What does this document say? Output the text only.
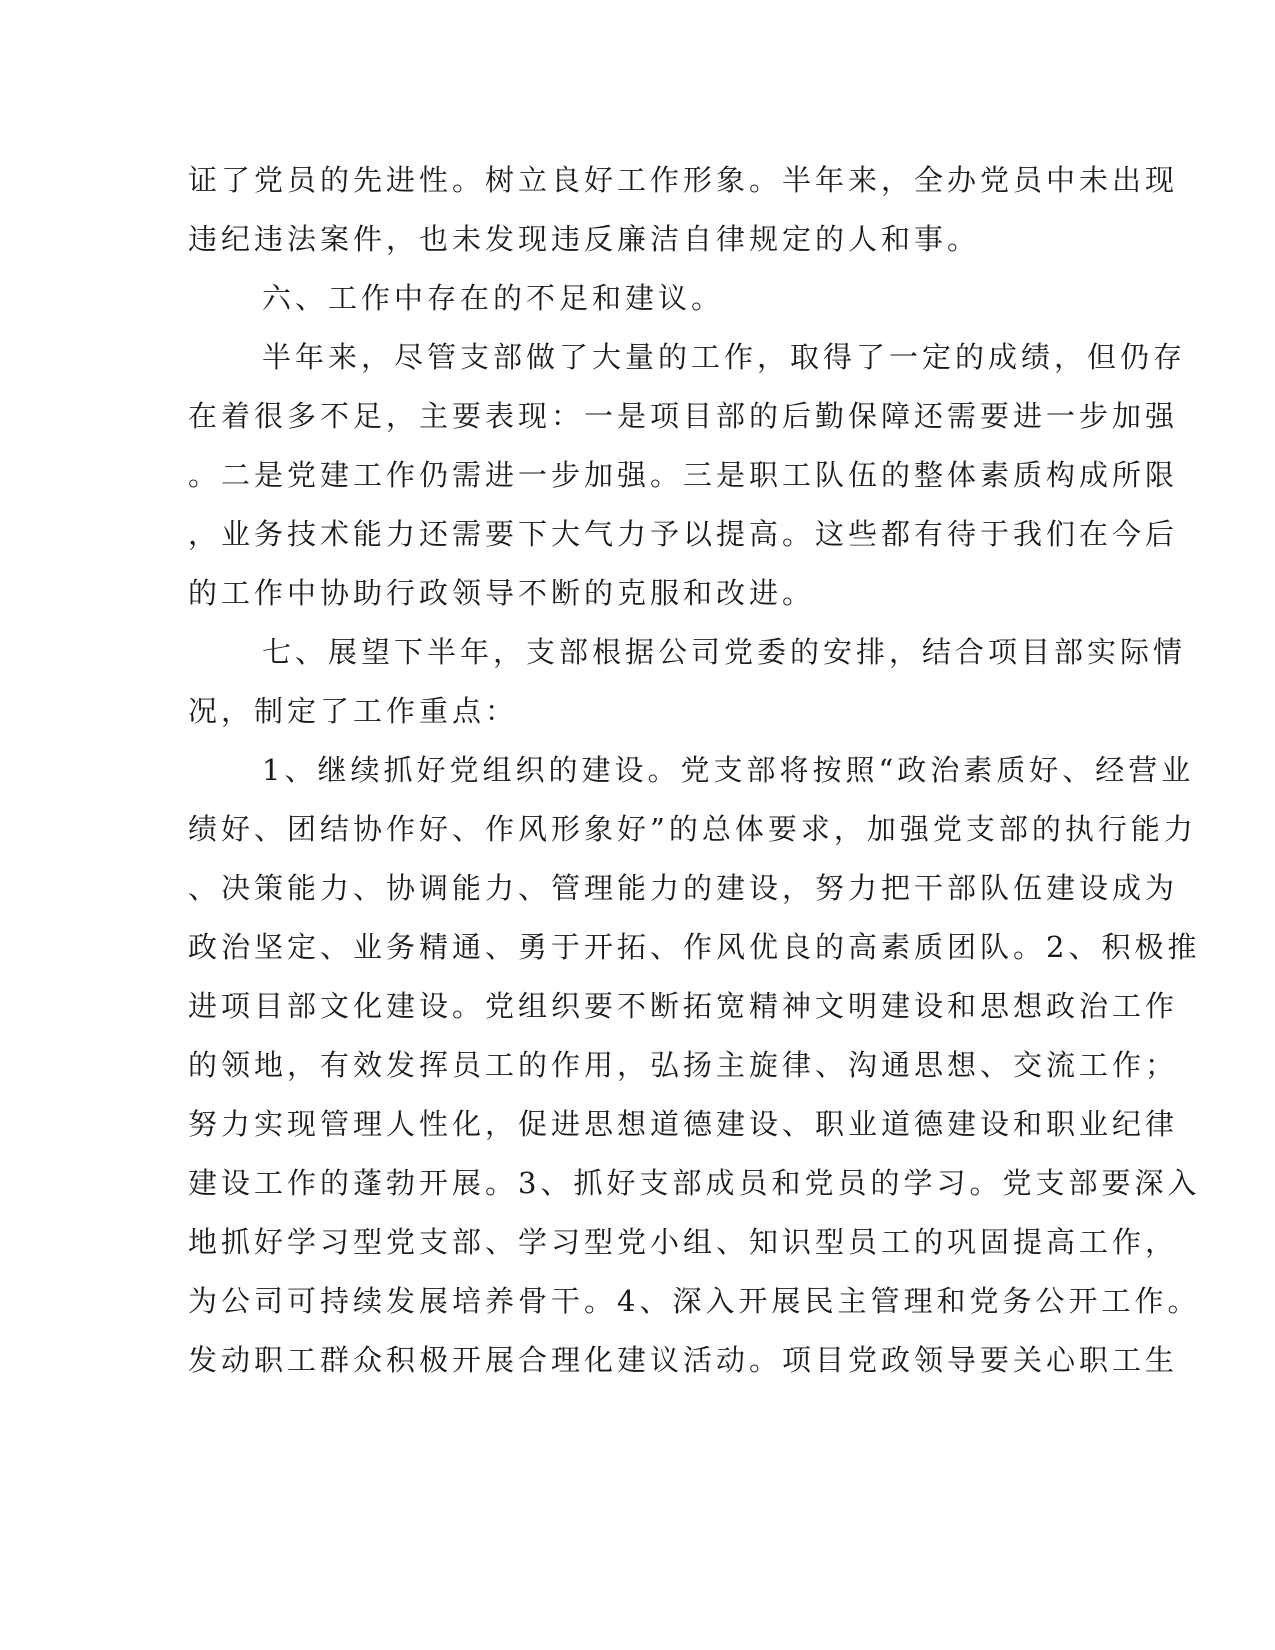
证了党员的先进性。树立良好工作形象。半年来，全办党员中未出现
违纪违法案件，也未发现违反廉洁自律规定的人和事。
六、工作中存在的不足和建议。
半年来，尽管支部做了大量的工作，取得了一定的成绩，但仍存
在着很多不足，主要表现：一是项目部的后勤保障还需要进一步加强
。二是党建工作仍需进一步加强。三是职工队伍的整体素质构成所限
，业务技术能力还需要下大气力予以提高。这些都有待于我们在今后
的工作中协助行政领导不断的克服和改进。
七、展望下半年，支部根据公司党委的安排，结合项目部实际情
况，制定了工作重点：
1、继续抓好党组织的建设。党支部将按照“政治素质好、经营业
绩好、团结协作好、作风形象好”的总体要求，加强党支部的执行能力
、决策能力、协调能力、管理能力的建设，努力把干部队伍建设成为
政治坚定、业务精通、勇于开拓、作风优良的高素质团队。2、积极推
进项目部文化建设。党组织要不断拓宽精神文明建设和思想政治工作
的领地，有效发挥员工的作用，弘扬主旋律、沟通思想、交流工作；
努力实现管理人性化，促进思想道德建设、职业道德建设和职业纪律
建设工作的蓬勃开展。3、抓好支部成员和党员的学习。党支部要深入
地抓好学习型党支部、学习型党小组、知识型员工的巩固提高工作，
为公司可持续发展培养骨干。4、深入开展民主管理和党务公开工作。
发动职工群众积极开展合理化建议活动。项目党政领导要关心职工生
